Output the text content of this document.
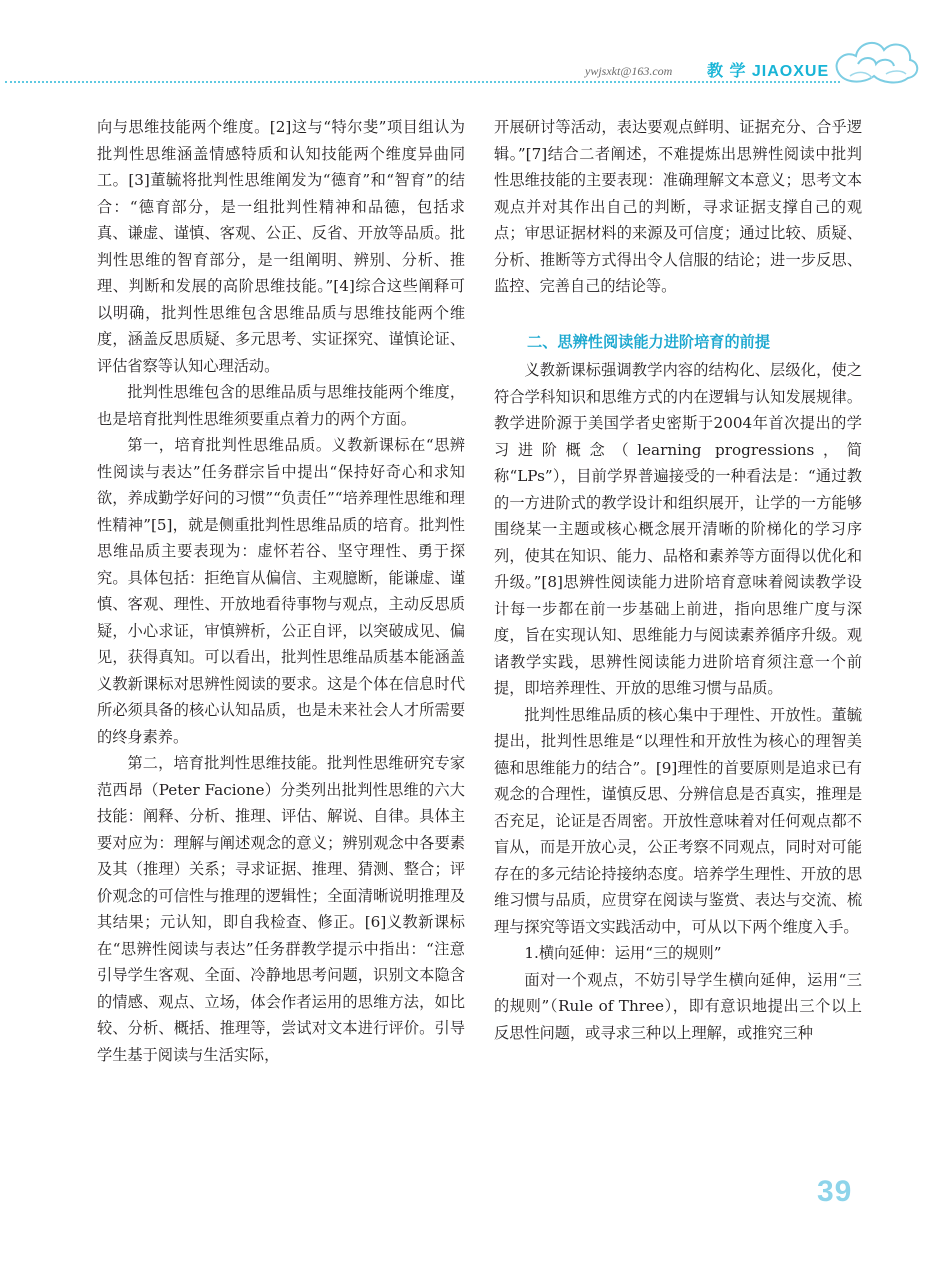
ywjsxkt@163.com 教 学 JIAOXUE

向与思维技能两个维度。[2]这与“特尔斐”项目组认为批判性思维涵盖情感特质和认知技能两个维度异曲同工。[3]董毓将批判性思维阐发为“德育”和“智育”的结合：“德育部分，是一组批判性精神和品德，包括求真、谦虚、谨慎、客观、公正、反省、开放等品质。批判性思维的智育部分，是一组阐明、辨别、分析、推理、判断和发展的高阶思维技能。”[4]综合这些阐释可以明确，批判性思维包含思维品质与思维技能两个维度，涵盖反思质疑、多元思考、实证探究、谨慎论证、评估省察等认知心理活动。

批判性思维包含的思维品质与思维技能两个维度，也是培育批判性思维须要重点着力的两个方面。

第一，培育批判性思维品质。义教新课标在“思辨性阅读与表达”任务群宗旨中提出“保持好奇心和求知欲，养成勤学好问的习惯”“负责任”“培养理性思维和理性精神”[5]，就是侧重批判性思维品质的培育。批判性思维品质主要表现为：虚怀若谷、坚守理性、勇于探究。具体包括：拒绝盲从偏信、主观臆断，能谦虚、谨慎、客观、理性、开放地看待事物与观点，主动反思质疑，小心求证，审慎辨析，公正自评，以突破成见、偏见，获得真知。可以看出，批判性思维品质基本能涵盖义教新课标对思辨性阅读的要求。这是个体在信息时代所必须具备的核心认知品质，也是未来社会人才所需要的终身素养。

第二，培育批判性思维技能。批判性思维研究专家范西昂（Peter Facione）分类列出批判性思维的六大技能：阐释、分析、推理、评估、解说、自律。具体主要对应为：理解与阐述观念的意义；辨别观念中各要素及其（推理）关系；寻求证据、推理、猜测、整合；评价观念的可信性与推理的逻辑性；全面清晰说明推理及其结果；元认知，即自我检查、修正。[6]义教新课标在“思辨性阅读与表达”任务群教学提示中指出：“注意引导学生客观、全面、冷静地思考问题，识别文本隐含的情感、观点、立场，体会作者运用的思维方法，如比较、分析、概括、推理等，尝试对文本进行评价。引导学生基于阅读与生活实际，

开展研讨等活动，表达要观点鲜明、证据充分、合乎逻辑。”[7]结合二者阐述，不难提炼出思辨性阅读中批判性思维技能的主要表现：准确理解文本意义；思考文本观点并对其作出自己的判断，寻求证据支撑自己的观点；审思证据材料的来源及可信度；通过比较、质疑、分析、推断等方式得出令人信服的结论；进一步反思、监控、完善自己的结论等。

二、思辨性阅读能力进阶培育的前提

义教新课标强调教学内容的结构化、层级化，使之符合学科知识和思维方式的内在逻辑与认知发展规律。教学进阶源于美国学者史密斯于2004年首次提出的学习进阶概念（learning progressions，简称“LPs”），目前学界普遍接受的一种看法是：“通过教的一方进阶式的教学设计和组织展开，让学的一方能够围绕某一主题或核心概念展开清晰的阶梯化的学习序列，使其在知识、能力、品格和素养等方面得以优化和升级。”[8]思辨性阅读能力进阶培育意味着阅读教学设计每一步都在前一步基础上前进，指向思维广度与深度，旨在实现认知、思维能力与阅读素养循序升级。观诸教学实践，思辨性阅读能力进阶培育须注意一个前提，即培养理性、开放的思维习惯与品质。

批判性思维品质的核心集中于理性、开放性。董毓提出，批判性思维是“以理性和开放性为核心的理智美德和思维能力的结合”。[9]理性的首要原则是追求已有观念的合理性，谨慎反思、分辨信息是否真实，推理是否充足，论证是否周密。开放性意味着对任何观点都不盲从，而是开放心灵，公正考察不同观点，同时对可能存在的多元结论持接纳态度。培养学生理性、开放的思维习惯与品质，应贯穿在阅读与鉴赏、表达与交流、梳理与探究等语文实践活动中，可从以下两个维度入手。

1.横向延伸：运用“三的规则”

面对一个观点，不妨引导学生横向延伸，运用“三的规则”（Rule of Three），即有意识地提出三个以上反思性问题，或寻求三种以上理解，或推究三种

39
